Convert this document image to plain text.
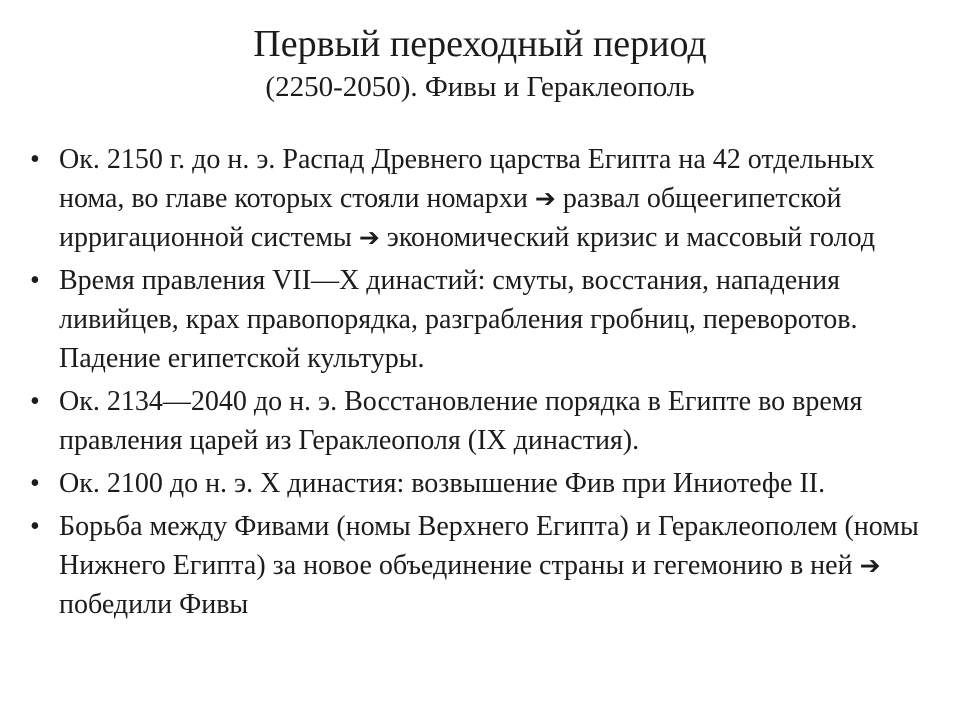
Первый переходный период
(2250-2050). Фивы и Гераклеополь
• Ок. 2150 г. до н. э. Распад Древнего царства Египта на 42 отдельных нома, во главе которых стояли номархи ➔ развал общеегипетской ирригационной системы ➔ экономический кризис и массовый голод
• Время правления VII—X династий: смуты, восстания, нападения ливийцев, крах правопорядка, разграбления гробниц, переворотов. Падение египетской культуры.
• Ок. 2134—2040 до н. э. Восстановление порядка в Египте во время правления царей из Гераклеополя (IX династия).
• Ок. 2100 до н. э. X династия: возвышение Фив при Иниотефе II.
• Борьба между Фивами (номы Верхнего Египта) и Гераклеополем (номы Нижнего Египта) за новое объединение страны и гегемонию в ней ➔ победили Фивы
